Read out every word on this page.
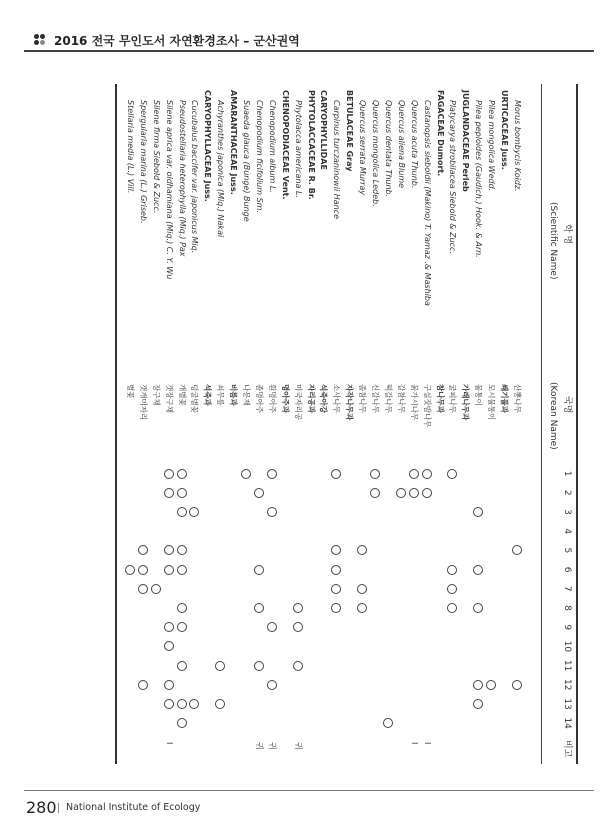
2016 전국 무인도서 자연환경조사 – 군산권역
학 명
(Scientific Name)
국명
(Korean Name)
1
2
3
4
5
6
7
8
9
10
11
12
13
14
비고
Morus bombycis Koidz.
산뽕나무
URTICACEAE Juss.
쐐기풀과
Pilea mongolica Wedd.
모시물통이
Pilea peploides (Gaudich.) Hook. & Arn.
물통이
JUGLANDACEAE Perleb
가래나무과
Platycarya strobilacea Siebold & Zucc.
굴피나무
FAGACEAE Dumort.
참나무과
Castanopsis sieboldii (Makino) T. Yamaz .& Mashiba
구실잣밤나무
I
Quercus acuta Thunb.
붉가시나무
I
Quercus aliena Blume
갈참나무
Quercus dentata Thunb.
떡갈나무
Quercus mongolica Ledeb.
신갈나무
Quercus serrata Murray
졸참나무
BETULACEAE Gray
자작나무과
Carpinus turczaninowii Hance
소사나무
CARYOPHYLLIDAE
석죽아강
PHYTOLACCACEAE R. Br.
자리공과
Phytolacca americana L.
미국자리공
귀
CHENOPODIACEAE Vent.
명아주과
Chenopodium album L.
흰명아주
귀
Chenopodium ficifolium Sm.
좀명아주
귀
Suaeda glauca (Bunge) Bunge
나문재
AMARANTHACEAE Juss.
비름과
Achyranthes japonica (Miq.) Nakai
쇠무릎
CARYOPHYLLACEAE Juss.
석죽과
Cucubalus baccifer var. japonicus Miq.
덩굴별꽃
Pseudostellaria heterophylla (Miq.) Pax
개별꽃
Silene aprica var. oldhamiana (Miq.) C. Y. Wu
갯장구채
I
Silene firma Siebold & Zucc.
장구채
Spergularia marina (L.) Griseb.
갯개미자리
Stellaria media (L.) Vill.
별꽃
280 National Institute of Ecology
